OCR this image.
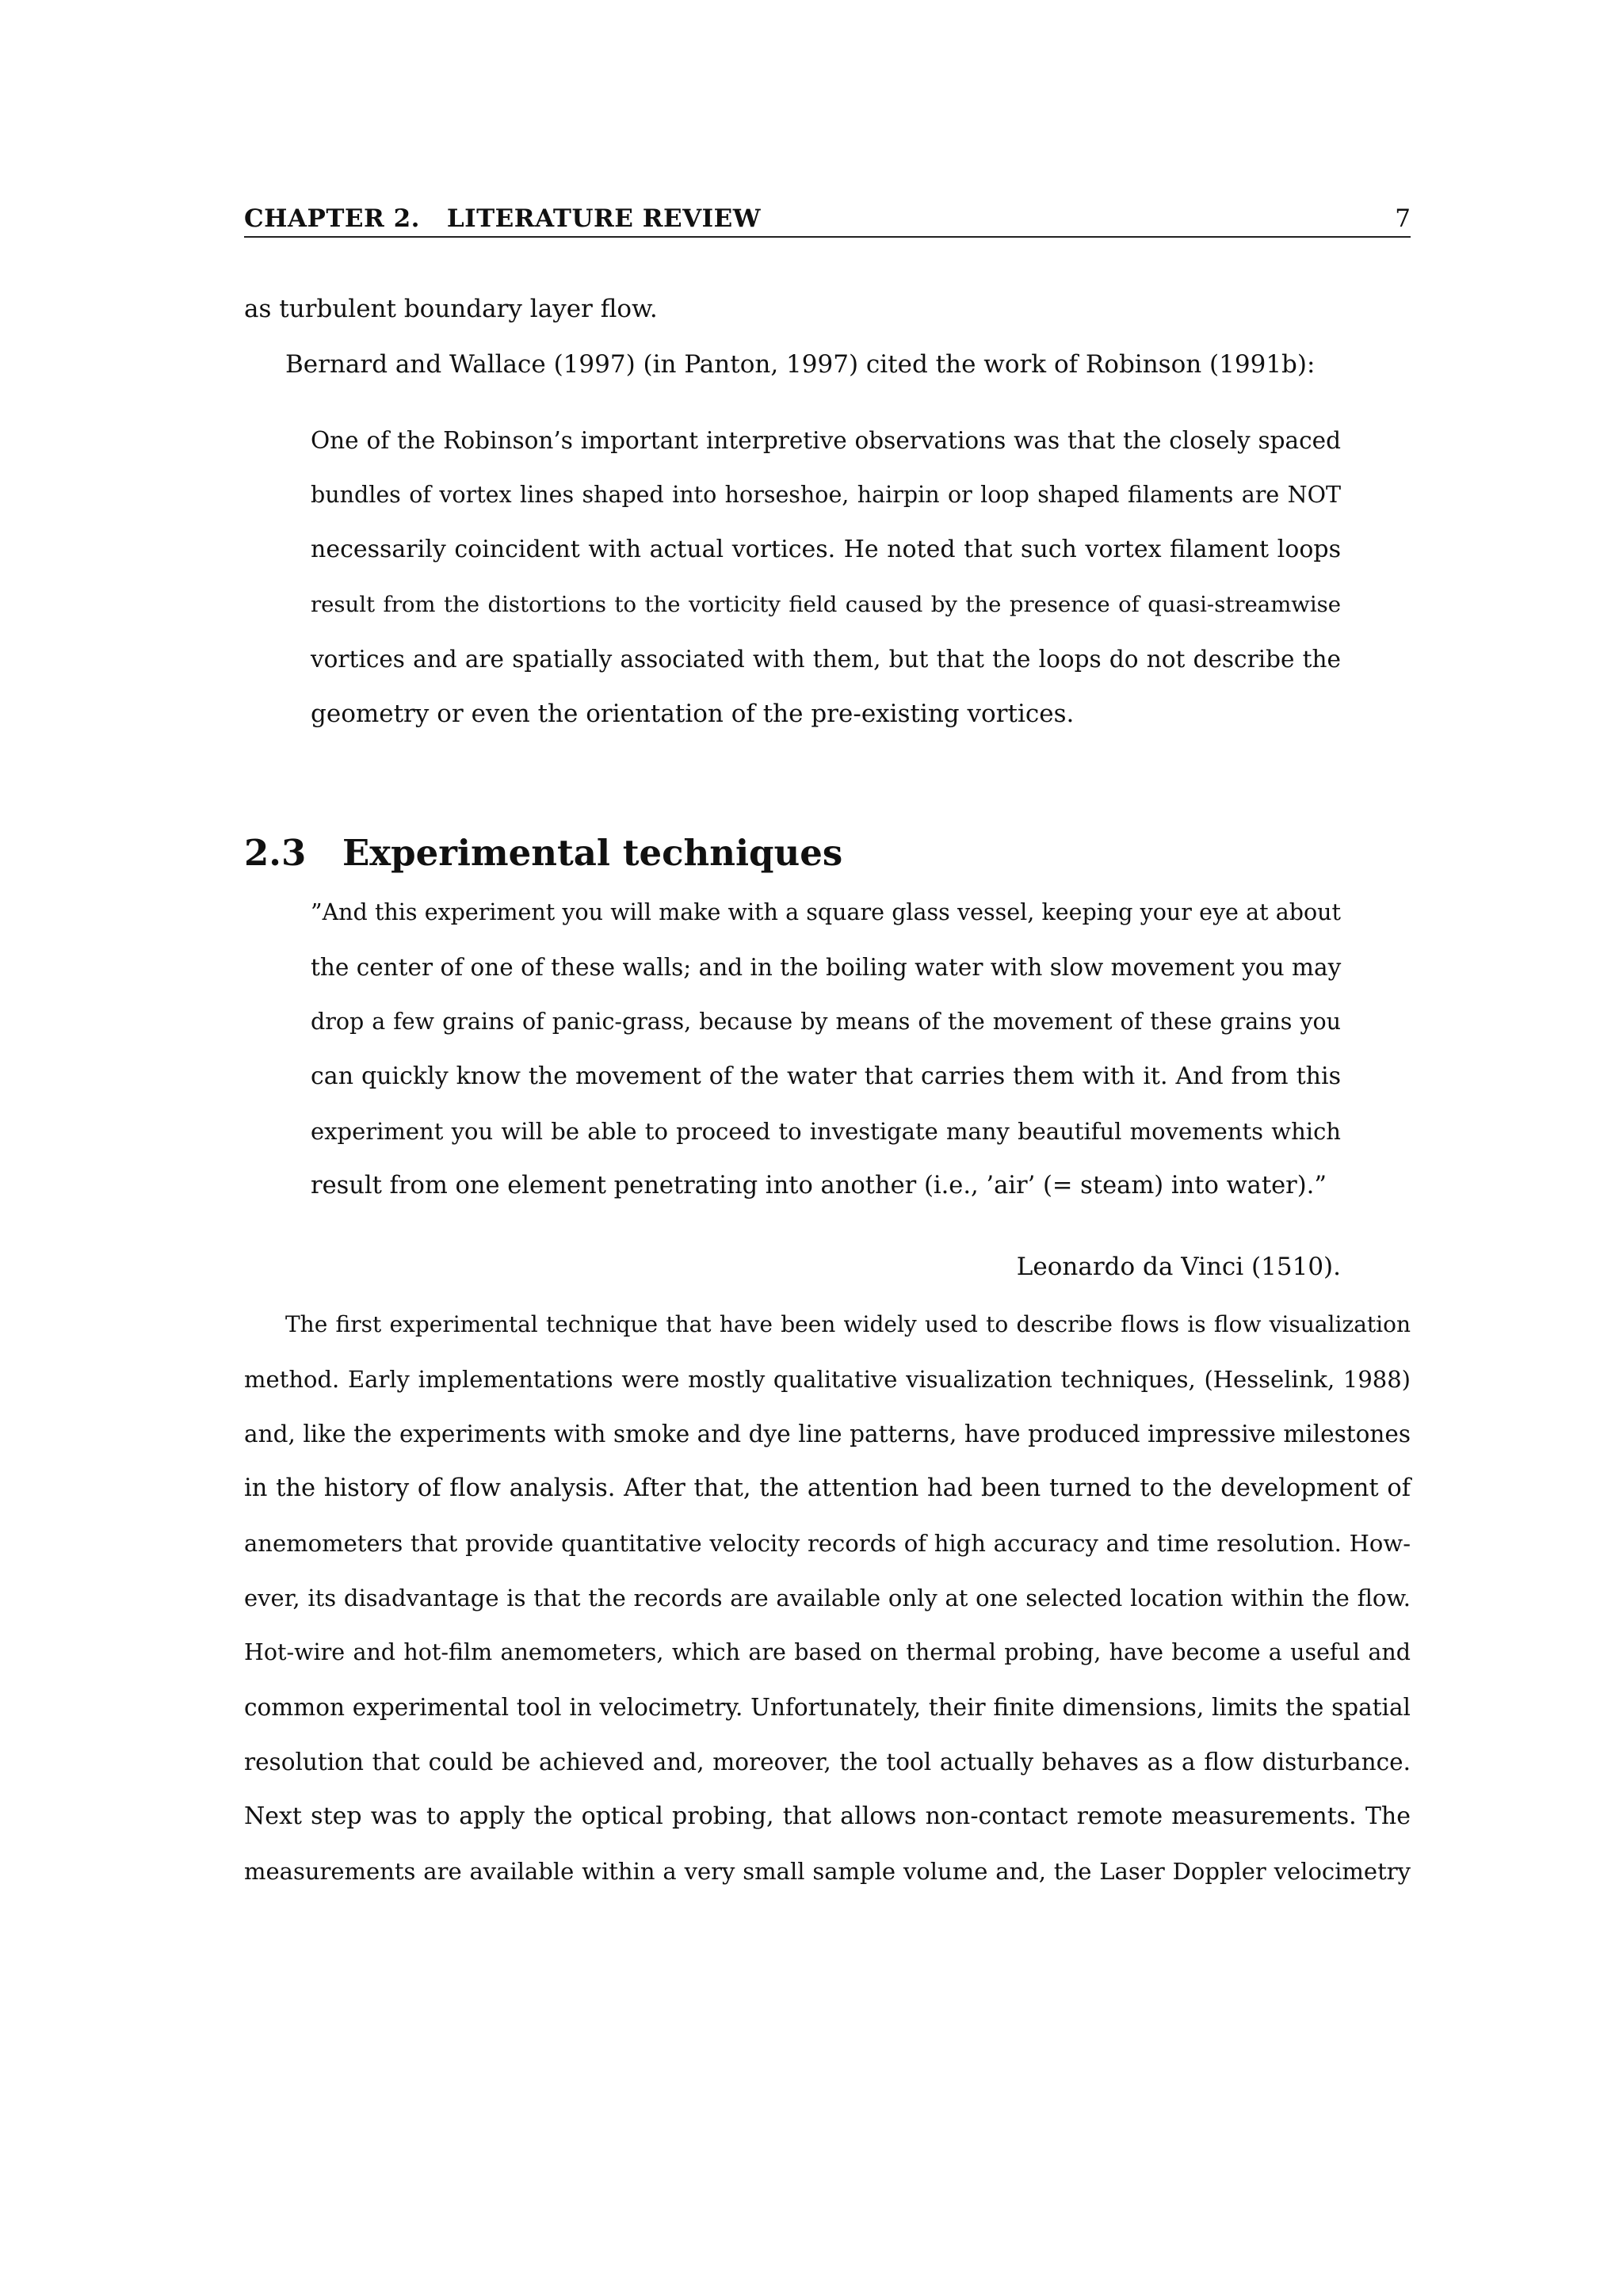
CHAPTER 2.   LITERATURE REVIEW	7

as turbulent boundary layer flow.

Bernard and Wallace (1997) (in Panton, 1997) cited the work of Robinson (1991b):

One of the Robinson’s important interpretive observations was that the closely spaced

bundles of vortex lines shaped into horseshoe, hairpin or loop shaped filaments are NOT

necessarily coincident with actual vortices. He noted that such vortex filament loops

result from the distortions to the vorticity field caused by the presence of quasi-streamwise

vortices and are spatially associated with them, but that the loops do not describe the

geometry or even the orientation of the pre-existing vortices.

2.3 Experimental techniques

”And this experiment you will make with a square glass vessel, keeping your eye at about

the center of one of these walls; and in the boiling water with slow movement you may

drop a few grains of panic-grass, because by means of the movement of these grains you

can quickly know the movement of the water that carries them with it. And from this

experiment you will be able to proceed to investigate many beautiful movements which

result from one element penetrating into another (i.e., ’air’ (= steam) into water).”

Leonardo da Vinci (1510).

The first experimental technique that have been widely used to describe flows is flow visualization

method. Early implementations were mostly qualitative visualization techniques, (Hesselink, 1988)

and, like the experiments with smoke and dye line patterns, have produced impressive milestones

in the history of flow analysis. After that, the attention had been turned to the development of

anemometers that provide quantitative velocity records of high accuracy and time resolution. How-

ever, its disadvantage is that the records are available only at one selected location within the flow.

Hot-wire and hot-film anemometers, which are based on thermal probing, have become a useful and

common experimental tool in velocimetry. Unfortunately, their finite dimensions, limits the spatial

resolution that could be achieved and, moreover, the tool actually behaves as a flow disturbance.

Next step was to apply the optical probing, that allows non-contact remote measurements. The

measurements are available within a very small sample volume and, the Laser Doppler velocimetry
